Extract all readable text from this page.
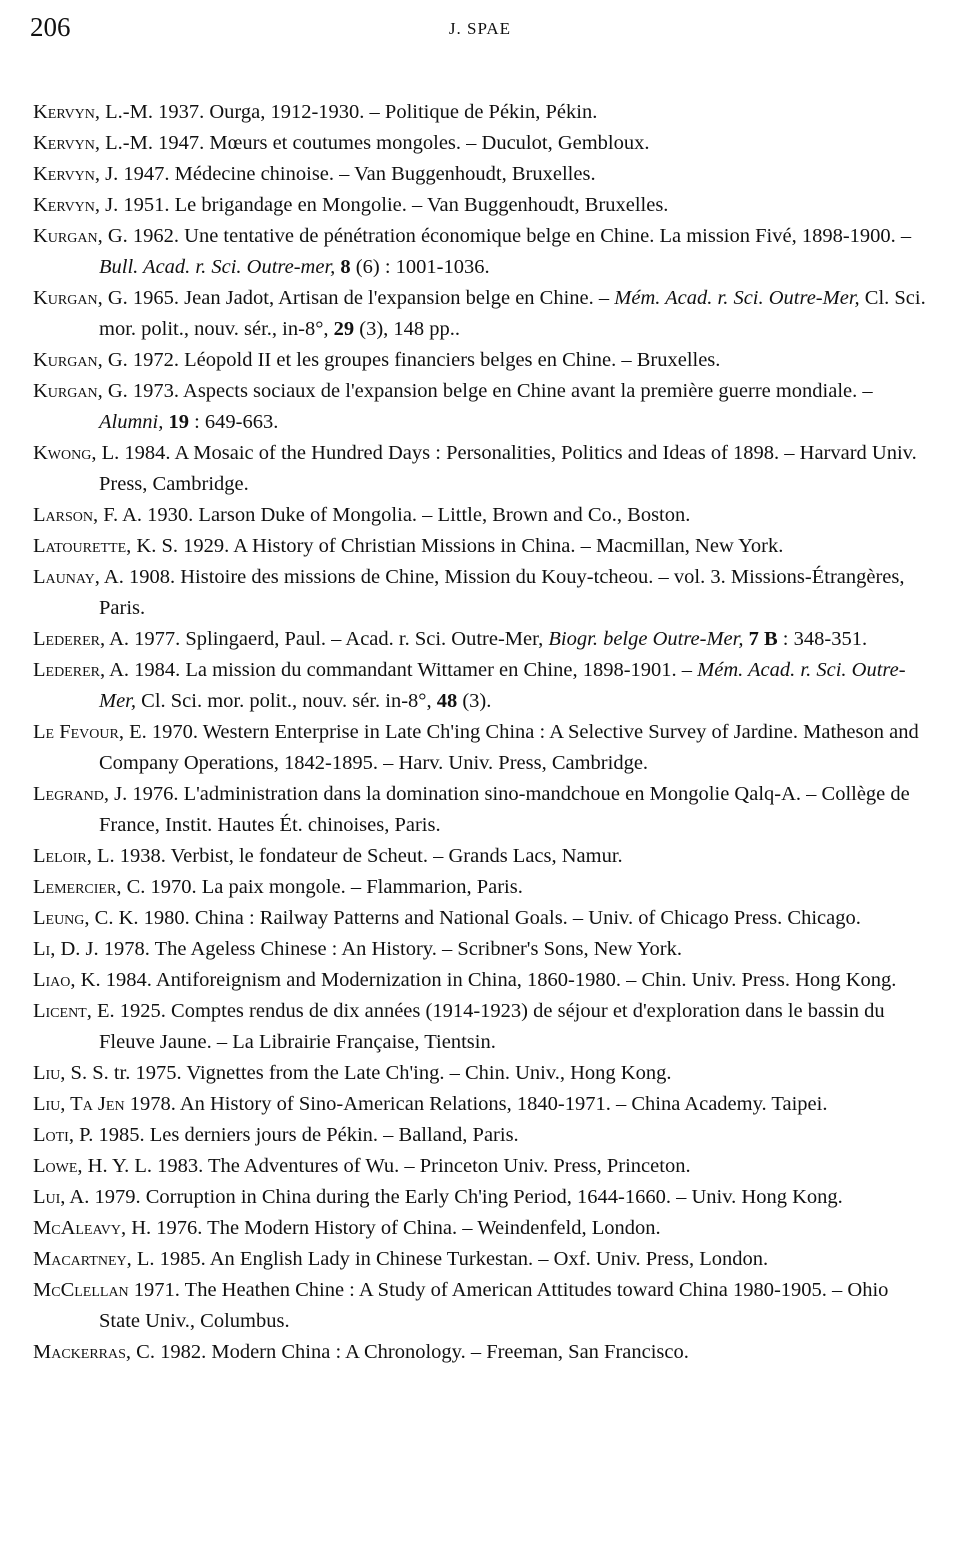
206	J. SPAE
Kervyn, L.-M. 1937. Ourga, 1912-1930. – Politique de Pékin, Pékin.
Kervyn, L.-M. 1947. Mœurs et coutumes mongoles. – Duculot, Gembloux.
Kervyn, J. 1947. Médecine chinoise. – Van Buggenhoudt, Bruxelles.
Kervyn, J. 1951. Le brigandage en Mongolie. – Van Buggenhoudt, Bruxelles.
Kurgan, G. 1962. Une tentative de pénétration économique belge en Chine. La mission Fivé, 1898-1900. – Bull. Acad. r. Sci. Outre-mer, 8 (6) : 1001-1036.
Kurgan, G. 1965. Jean Jadot, Artisan de l'expansion belge en Chine. – Mém. Acad. r. Sci. Outre-Mer, Cl. Sci. mor. polit., nouv. sér., in-8°, 29 (3), 148 pp..
Kurgan, G. 1972. Léopold II et les groupes financiers belges en Chine. – Bruxelles.
Kurgan, G. 1973. Aspects sociaux de l'expansion belge en Chine avant la première guerre mondiale. – Alumni, 19 : 649-663.
Kwong, L. 1984. A Mosaic of the Hundred Days : Personalities, Politics and Ideas of 1898. – Harvard Univ. Press, Cambridge.
Larson, F. A. 1930. Larson Duke of Mongolia. – Little, Brown and Co., Boston.
Latourette, K. S. 1929. A History of Christian Missions in China. – Macmillan, New York.
Launay, A. 1908. Histoire des missions de Chine, Mission du Kouy-tcheou. – vol. 3. Missions-Étrangères, Paris.
Lederer, A. 1977. Splingaerd, Paul. – Acad. r. Sci. Outre-Mer, Biogr. belge Outre-Mer, 7 B : 348-351.
Lederer, A. 1984. La mission du commandant Wittamer en Chine, 1898-1901. – Mém. Acad. r. Sci. Outre-Mer, Cl. Sci. mor. polit., nouv. sér. in-8°, 48 (3).
Le Fevour, E. 1970. Western Enterprise in Late Ch'ing China : A Selective Survey of Jardine. Matheson and Company Operations, 1842-1895. – Harv. Univ. Press, Cambridge.
Legrand, J. 1976. L'administration dans la domination sino-mandchoue en Mongolie Qalq-A. – Collège de France, Instit. Hautes Ét. chinoises, Paris.
Leloir, L. 1938. Verbist, le fondateur de Scheut. – Grands Lacs, Namur.
Lemercier, C. 1970. La paix mongole. – Flammarion, Paris.
Leung, C. K. 1980. China : Railway Patterns and National Goals. – Univ. of Chicago Press. Chicago.
Li, D. J. 1978. The Ageless Chinese : An History. – Scribner's Sons, New York.
Liao, K. 1984. Antiforeignism and Modernization in China, 1860-1980. – Chin. Univ. Press. Hong Kong.
Licent, E. 1925. Comptes rendus de dix années (1914-1923) de séjour et d'exploration dans le bassin du Fleuve Jaune. – La Librairie Française, Tientsin.
Liu, S. S. tr. 1975. Vignettes from the Late Ch'ing. – Chin. Univ., Hong Kong.
Liu, Ta Jen 1978. An History of Sino-American Relations, 1840-1971. – China Academy. Taipei.
Loti, P. 1985. Les derniers jours de Pékin. – Balland, Paris.
Lowe, H. Y. L. 1983. The Adventures of Wu. – Princeton Univ. Press, Princeton.
Lui, A. 1979. Corruption in China during the Early Ch'ing Period, 1644-1660. – Univ. Hong Kong.
McAleavy, H. 1976. The Modern History of China. – Weindenfeld, London.
Macartney, L. 1985. An English Lady in Chinese Turkestan. – Oxf. Univ. Press, London.
McClellan 1971. The Heathen Chine : A Study of American Attitudes toward China 1980-1905. – Ohio State Univ., Columbus.
Mackerras, C. 1982. Modern China : A Chronology. – Freeman, San Francisco.
